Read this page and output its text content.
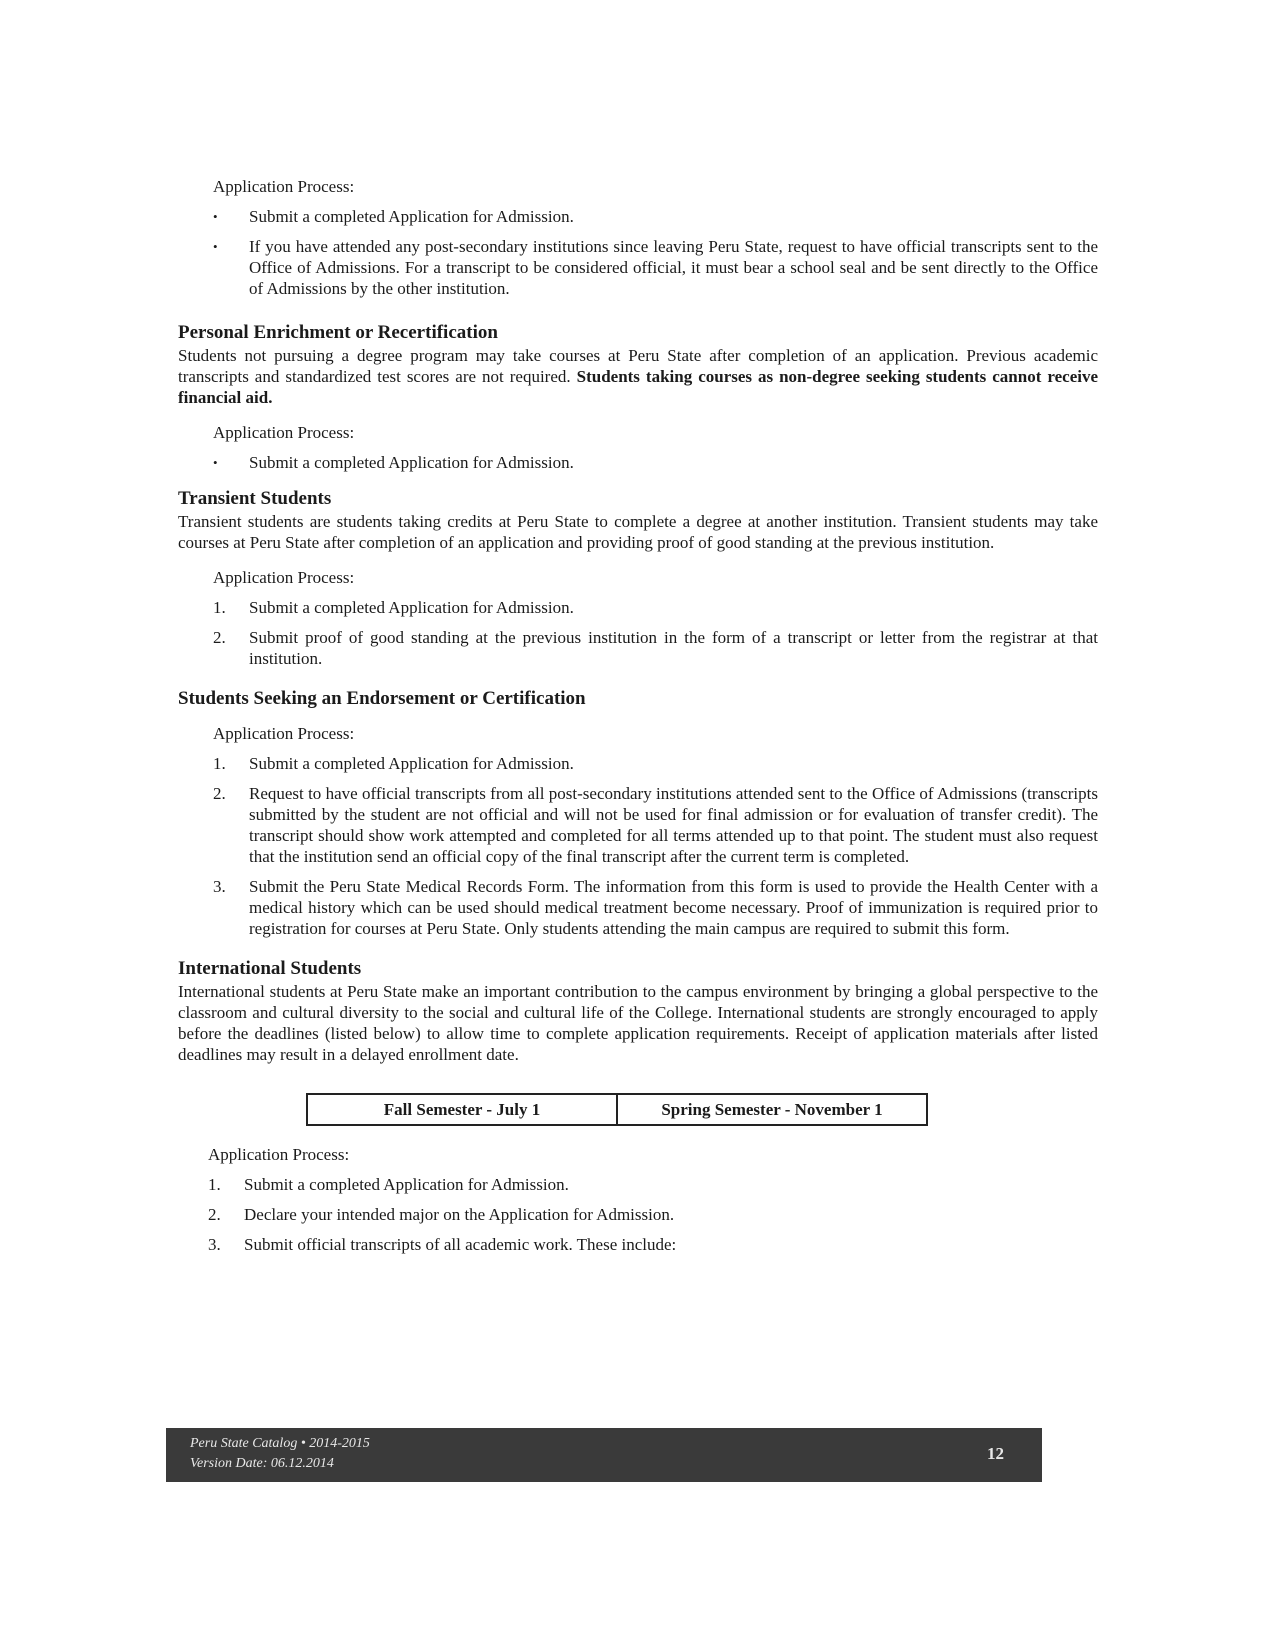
Application Process:

• Submit a completed Application for Admission.
• If you have attended any post-secondary institutions since leaving Peru State, request to have official transcripts sent to the Office of Admissions. For a transcript to be considered official, it must bear a school seal and be sent directly to the Office of Admissions by the other institution.
Personal Enrichment or Recertification

Students not pursuing a degree program may take courses at Peru State after completion of an application. Previous academic transcripts and standardized test scores are not required. Students taking courses as non-degree seeking students cannot receive financial aid.

Application Process:

• Submit a completed Application for Admission.
Transient Students

Transient students are students taking credits at Peru State to complete a degree at another institution. Transient students may take courses at Peru State after completion of an application and providing proof of good standing at the previous institution.

Application Process:

1. Submit a completed Application for Admission.
2. Submit proof of good standing at the previous institution in the form of a transcript or letter from the registrar at that institution.
Students Seeking an Endorsement or Certification

Application Process:

1. Submit a completed Application for Admission.
2. Request to have official transcripts from all post-secondary institutions attended sent to the Office of Admissions (transcripts submitted by the student are not official and will not be used for final admission or for evaluation of transfer credit). The transcript should show work attempted and completed for all terms attended up to that point. The student must also request that the institution send an official copy of the final transcript after the current term is completed.
3. Submit the Peru State Medical Records Form. The information from this form is used to provide the Health Center with a medical history which can be used should medical treatment become necessary. Proof of immunization is required prior to registration for courses at Peru State. Only students attending the main campus are required to submit this form.
International Students

International students at Peru State make an important contribution to the campus environment by bringing a global perspective to the classroom and cultural diversity to the social and cultural life of the College. International students are strongly encouraged to apply before the deadlines (listed below) to allow time to complete application requirements. Receipt of application materials after listed deadlines may result in a delayed enrollment date.

Fall Semester - July 1	Spring Semester - November 1

Application Process:

1. Submit a completed Application for Admission.
2. Declare your intended major on the Application for Admission.
3. Submit official transcripts of all academic work. These include:
Peru State Catalog • 2014-2015
Version Date: 06.12.2014
12
